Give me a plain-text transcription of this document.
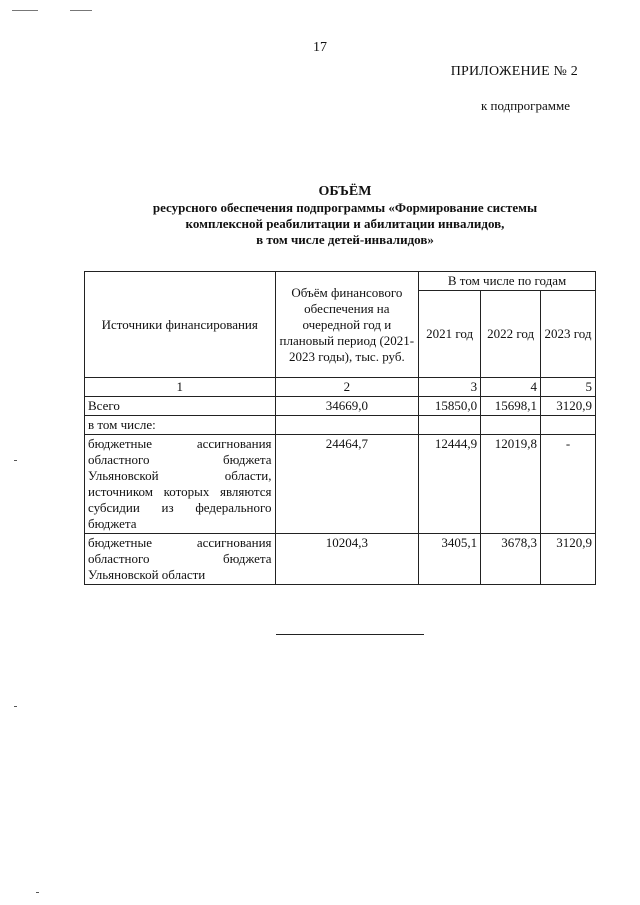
17
ПРИЛОЖЕНИЕ № 2
к подпрограмме
ОБЪЁМ
ресурсного обеспечения подпрограммы «Формирование системы
комплексной реабилитации и абилитации инвалидов,
в том числе детей-инвалидов»
Источники финансирования	Объём финансового обеспечения на очередной год и плановый период (2021-2023 годы), тыс. руб.	В том числе по годам		
		2021 год	2022 год	2023 год
1	2	3	4	5
Всего	34669,0	15850,0	15698,1	3120,9
в том числе:				
бюджетные ассигнования областного бюджета Ульяновской области, источником которых являются субсидии из федерального бюджета	24464,7	12444,9	12019,8	-
бюджетные ассигнования областного бюджета Ульяновской области	10204,3	3405,1	3678,3	3120,9
